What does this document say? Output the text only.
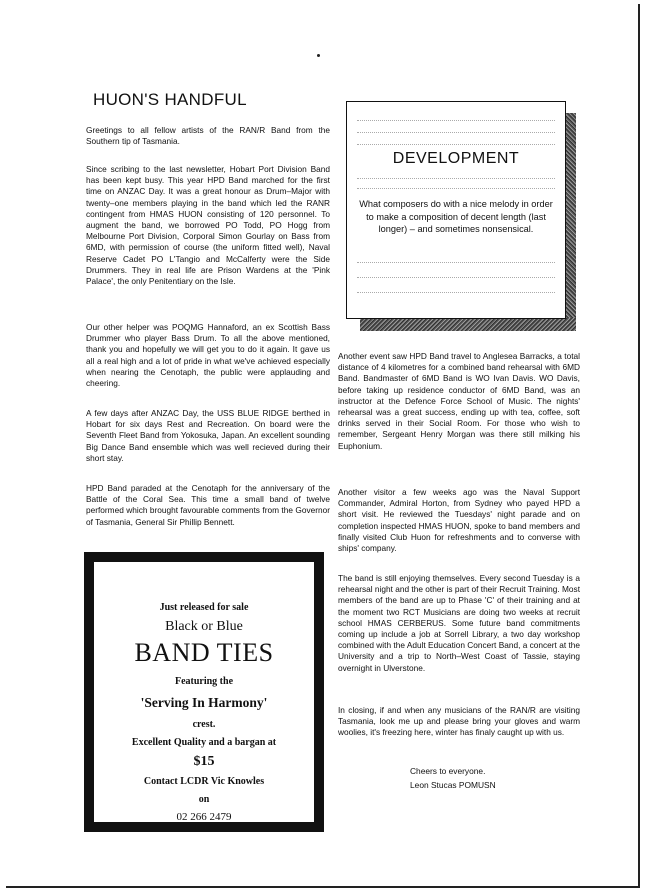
HUON'S HANDFUL

Greetings to all fellow artists of the RAN/R Band from the Southern tip of Tasmania.

Since scribing to the last newsletter, Hobart Port Division Band has been kept busy. This year HPD Band marched for the first time on ANZAC Day. It was a great honour as Drum–Major with twenty–one members playing in the band which led the RANR contingent from HMAS HUON consisting of 120 personnel. To augment the band, we borrowed PO Todd, PO Hogg from Melbourne Port Division, Corporal Simon Gourlay on Bass from 6MD, with permission of course (the uniform fitted well), Naval Reserve Cadet PO L'Tangio and McCalferty were the Side Drummers. They in real life are Prison Wardens at the 'Pink Palace', the only Penitentiary on the Isle.

Our other helper was POQMG Hannaford, an ex Scottish Bass Drummer who player Bass Drum. To all the above mentioned, thank you and hopefully we will get you to do it again. It gave us all a real high and a lot of pride in what we've achieved especially when nearing the Cenotaph, the public were applauding and cheering.

A few days after ANZAC Day, the USS BLUE RIDGE berthed in Hobart for six days Rest and Recreation. On board were the Seventh Fleet Band from Yokosuka, Japan. An excellent sounding Big Dance Band ensemble which was well recieved during their short stay.

HPD Band paraded at the Cenotaph for the anniversary of the Battle of the Coral Sea. This time a small band of twelve performed which brought favourable comments from the Governor of Tasmania, General Sir Phillip Bennett.

DEVELOPMENT

What composers do with a nice melody in order to make a composition of decent length (last longer) – and sometimes nonsensical.

Another event saw HPD Band travel to Anglesea Barracks, a total distance of 4 kilometres for a combined band rehearsal with 6MD Band. Bandmaster of 6MD Band is WO Ivan Davis. WO Davis, before taking up residence conductor of 6MD Band, was an instructor at the Defence Force School of Music. The nights' rehearsal was a great success, ending up with tea, coffee, soft drinks served in their Social Room. For those who wish to remember, Sergeant Henry Morgan was there still milking his Euphonium.

Another visitor a few weeks ago was the Naval Support Commander, Admiral Horton, from Sydney who payed HPD a short visit. He reviewed the Tuesdays' night parade and on completion inspected HMAS HUON, spoke to band members and finally visited Club Huon for refreshments and to converse with ships' company.

The band is still enjoying themselves. Every second Tuesday is a rehearsal night and the other is part of their Recruit Training. Most members of the band are up to Phase 'C' of their training and at the moment two RCT Musicians are doing two weeks at recruit school HMAS CERBERUS. Some future band commitments coming up include a job at Sorrell Library, a two day workshop combined with the Adult Education Concert Band, a concert at the University and a trip to North–West Coast of Tassie, staying overnight in Ulverstone.

In closing, if and when any musicians of the RAN/R are visiting Tasmania, look me up and please bring your gloves and warm woolies, it's freezing here, winter has finaly caught up with us.

Cheers to everyone.
Leon Stucas POMUSN

Just released for sale

Black or Blue

BAND TIES

Featuring the

'Serving In Harmony'

crest.

Excellent Quality and a bargan at

$15

Contact LCDR Vic Knowles

on

02 266 2479
